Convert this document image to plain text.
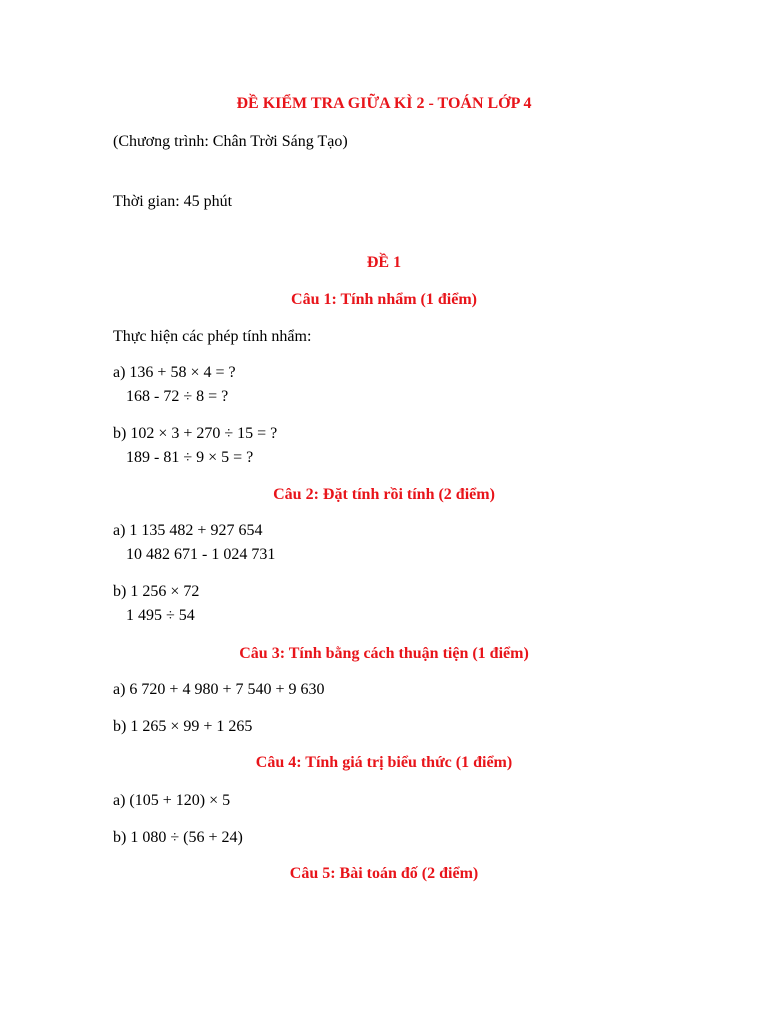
ĐỀ KIỂM TRA GIỮA KÌ 2 - TOÁN LỚP 4
(Chương trình: Chân Trời Sáng Tạo)
Thời gian: 45 phút
ĐỀ 1
Câu 1: Tính nhẩm (1 điểm)
Thực hiện các phép tính nhẩm:
a) 136 + 58 × 4 = ?
168 - 72 ÷ 8 = ?
b) 102 × 3 + 270 ÷ 15 = ?
189 - 81 ÷ 9 × 5 = ?
Câu 2: Đặt tính rồi tính (2 điểm)
a) 1 135 482 + 927 654
10 482 671 - 1 024 731
b) 1 256 × 72
1 495 ÷ 54
Câu 3: Tính bằng cách thuận tiện (1 điểm)
a) 6 720 + 4 980 + 7 540 + 9 630
b) 1 265 × 99 + 1 265
Câu 4: Tính giá trị biểu thức (1 điểm)
a) (105 + 120) × 5
b) 1 080 ÷ (56 + 24)
Câu 5: Bài toán đố (2 điểm)
